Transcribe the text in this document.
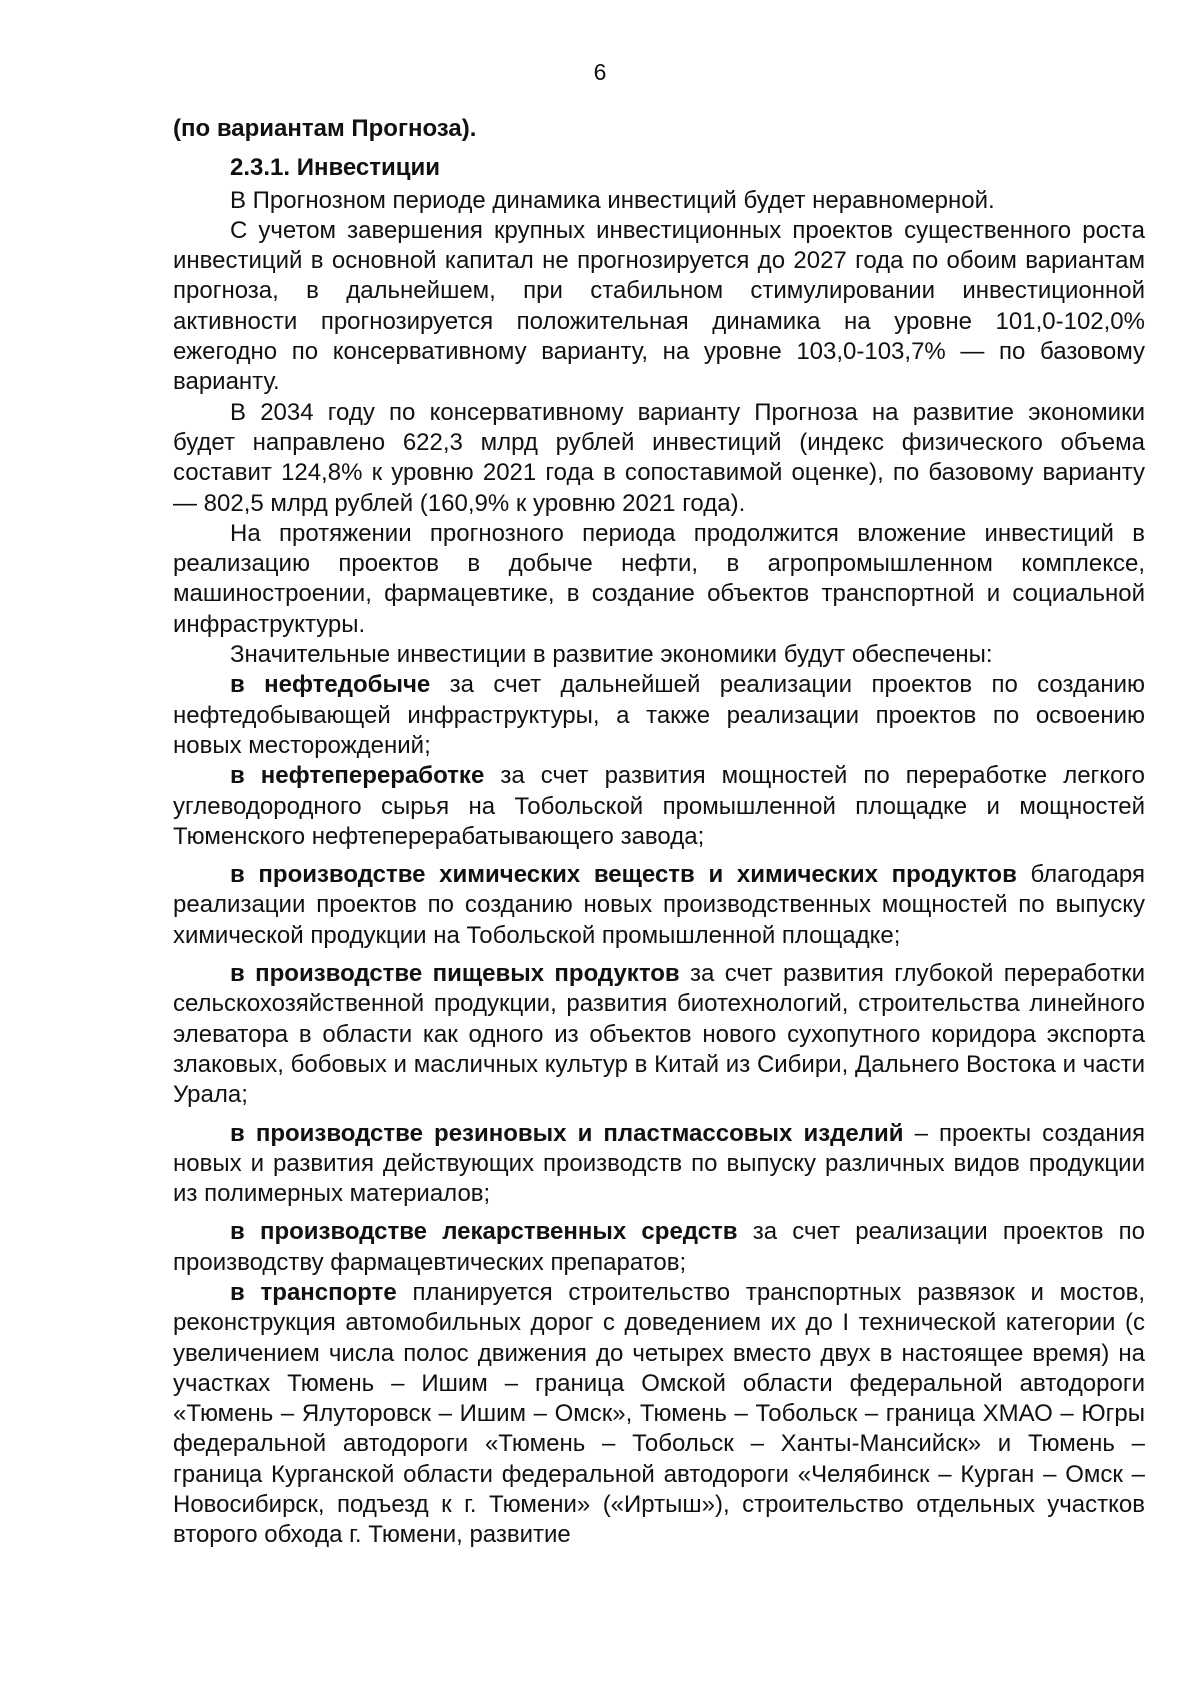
6

(по вариантам Прогноза).

2.3.1. Инвестиции

В Прогнозном периоде динамика инвестиций будет неравномерной.

С учетом завершения крупных инвестиционных проектов существенного роста инвестиций в основной капитал не прогнозируется до 2027 года по обоим вариантам прогноза, в дальнейшем, при стабильном стимулировании инвестиционной активности прогнозируется положительная динамика на уровне 101,0-102,0% ежегодно по консервативному варианту, на уровне 103,0-103,7% — по базовому варианту.

В 2034 году по консервативному варианту Прогноза на развитие экономики будет направлено 622,3 млрд рублей инвестиций (индекс физического объема составит 124,8% к уровню 2021 года в сопоставимой оценке), по базовому варианту — 802,5 млрд рублей (160,9% к уровню 2021 года).

На протяжении прогнозного периода продолжится вложение инвестиций в реализацию проектов в добыче нефти, в агропромышленном комплексе, машиностроении, фармацевтике, в создание объектов транспортной и социальной инфраструктуры.

Значительные инвестиции в развитие экономики будут обеспечены:

в нефтедобыче за счет дальнейшей реализации проектов по созданию нефтедобывающей инфраструктуры, а также реализации проектов по освоению новых месторождений;

в нефтепереработке за счет развития мощностей по переработке легкого углеводородного сырья на Тобольской промышленной площадке и мощностей Тюменского нефтеперерабатывающего завода;

в производстве химических веществ и химических продуктов благодаря реализации проектов по созданию новых производственных мощностей по выпуску химической продукции на Тобольской промышленной площадке;

в производстве пищевых продуктов за счет развития глубокой переработки сельскохозяйственной продукции, развития биотехнологий, строительства линейного элеватора в области как одного из объектов нового сухопутного коридора экспорта злаковых, бобовых и масличных культур в Китай из Сибири, Дальнего Востока и части Урала;

в производстве резиновых и пластмассовых изделий – проекты создания новых и развития действующих производств по выпуску различных видов продукции из полимерных материалов;

в производстве лекарственных средств за счет реализации проектов по производству фармацевтических препаратов;

в транспорте планируется строительство транспортных развязок и мостов, реконструкция автомобильных дорог с доведением их до I технической категории (с увеличением числа полос движения до четырех вместо двух в настоящее время) на участках Тюмень – Ишим – граница Омской области федеральной автодороги «Тюмень – Ялуторовск – Ишим – Омск», Тюмень – Тобольск – граница ХМАО – Югры федеральной автодороги «Тюмень – Тобольск – Ханты-Мансийск» и Тюмень – граница Курганской области федеральной автодороги «Челябинск – Курган – Омск – Новосибирск, подъезд к г. Тюмени» («Иртыш»), строительство отдельных участков второго обхода г. Тюмени, развитие
